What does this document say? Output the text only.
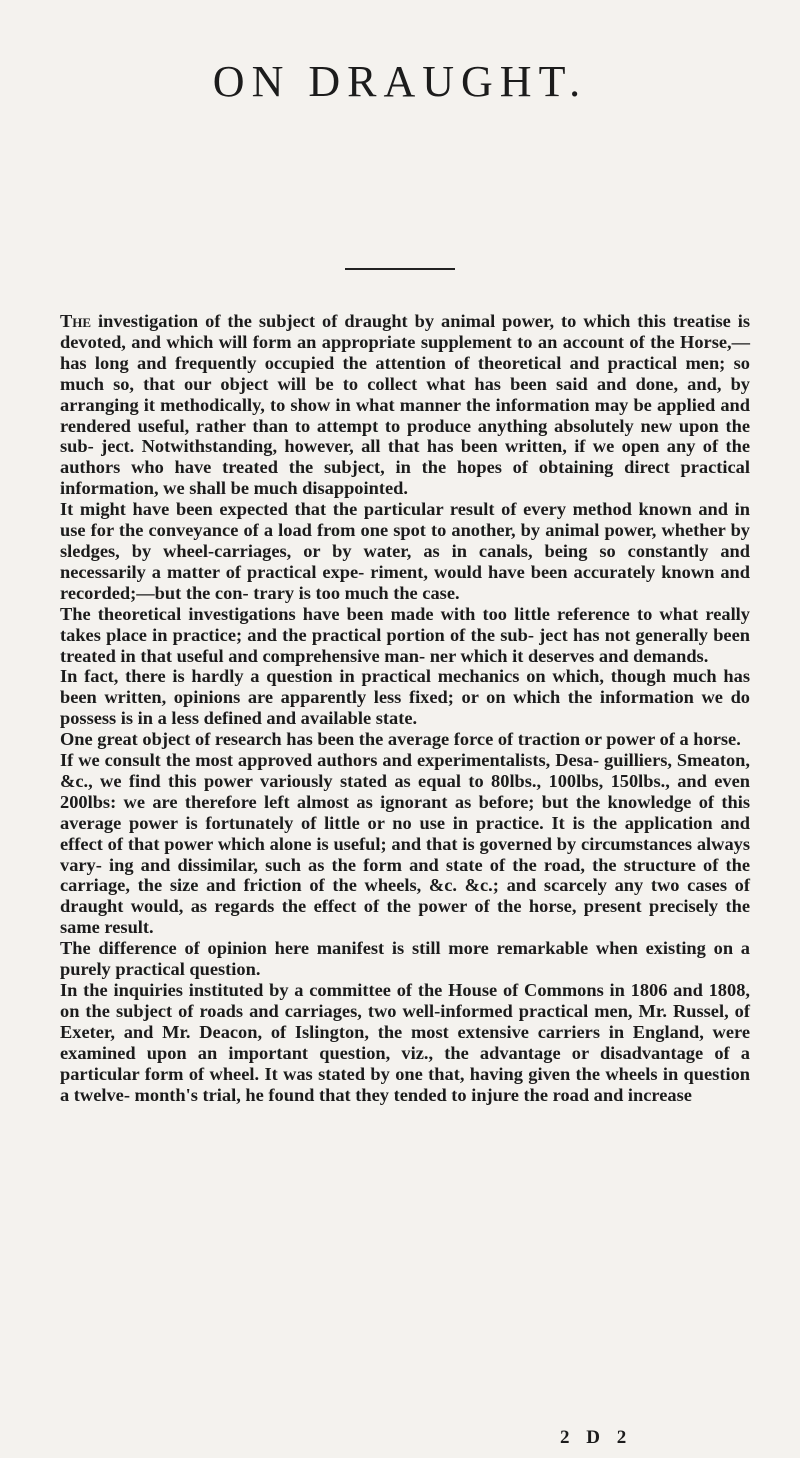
ON DRAUGHT.

The investigation of the subject of draught by animal power, to which this treatise is devoted, and which will form an appropriate supplement to an account of the Horse,—has long and frequently occupied the attention of theoretical and practical men; so much so, that our object will be to collect what has been said and done, and, by arranging it methodically, to show in what manner the information may be applied and rendered useful, rather than to attempt to produce anything absolutely new upon the sub- ject. Notwithstanding, however, all that has been written, if we open any of the authors who have treated the subject, in the hopes of obtaining direct practical information, we shall be much disappointed.

It might have been expected that the particular result of every method known and in use for the conveyance of a load from one spot to another, by animal power, whether by sledges, by wheel-carriages, or by water, as in canals, being so constantly and necessarily a matter of practical expe- riment, would have been accurately known and recorded;—but the con- trary is too much the case.

The theoretical investigations have been made with too little reference to what really takes place in practice; and the practical portion of the sub- ject has not generally been treated in that useful and comprehensive man- ner which it deserves and demands.

In fact, there is hardly a question in practical mechanics on which, though much has been written, opinions are apparently less fixed; or on which the information we do possess is in a less defined and available state.

One great object of research has been the average force of traction or power of a horse.

If we consult the most approved authors and experimentalists, Desa- guilliers, Smeaton, &c., we find this power variously stated as equal to 80lbs., 100lbs, 150lbs., and even 200lbs: we are therefore left almost as ignorant as before; but the knowledge of this average power is fortunately of little or no use in practice. It is the application and effect of that power which alone is useful; and that is governed by circumstances always vary- ing and dissimilar, such as the form and state of the road, the structure of the carriage, the size and friction of the wheels, &c. &c.; and scarcely any two cases of draught would, as regards the effect of the power of the horse, present precisely the same result.

The difference of opinion here manifest is still more remarkable when existing on a purely practical question.

In the inquiries instituted by a committee of the House of Commons in 1806 and 1808, on the subject of roads and carriages, two well-informed practical men, Mr. Russel, of Exeter, and Mr. Deacon, of Islington, the most extensive carriers in England, were examined upon an important question, viz., the advantage or disadvantage of a particular form of wheel. It was stated by one that, having given the wheels in question a twelve- month's trial, he found that they tended to injure the road and increase

2 D 2
